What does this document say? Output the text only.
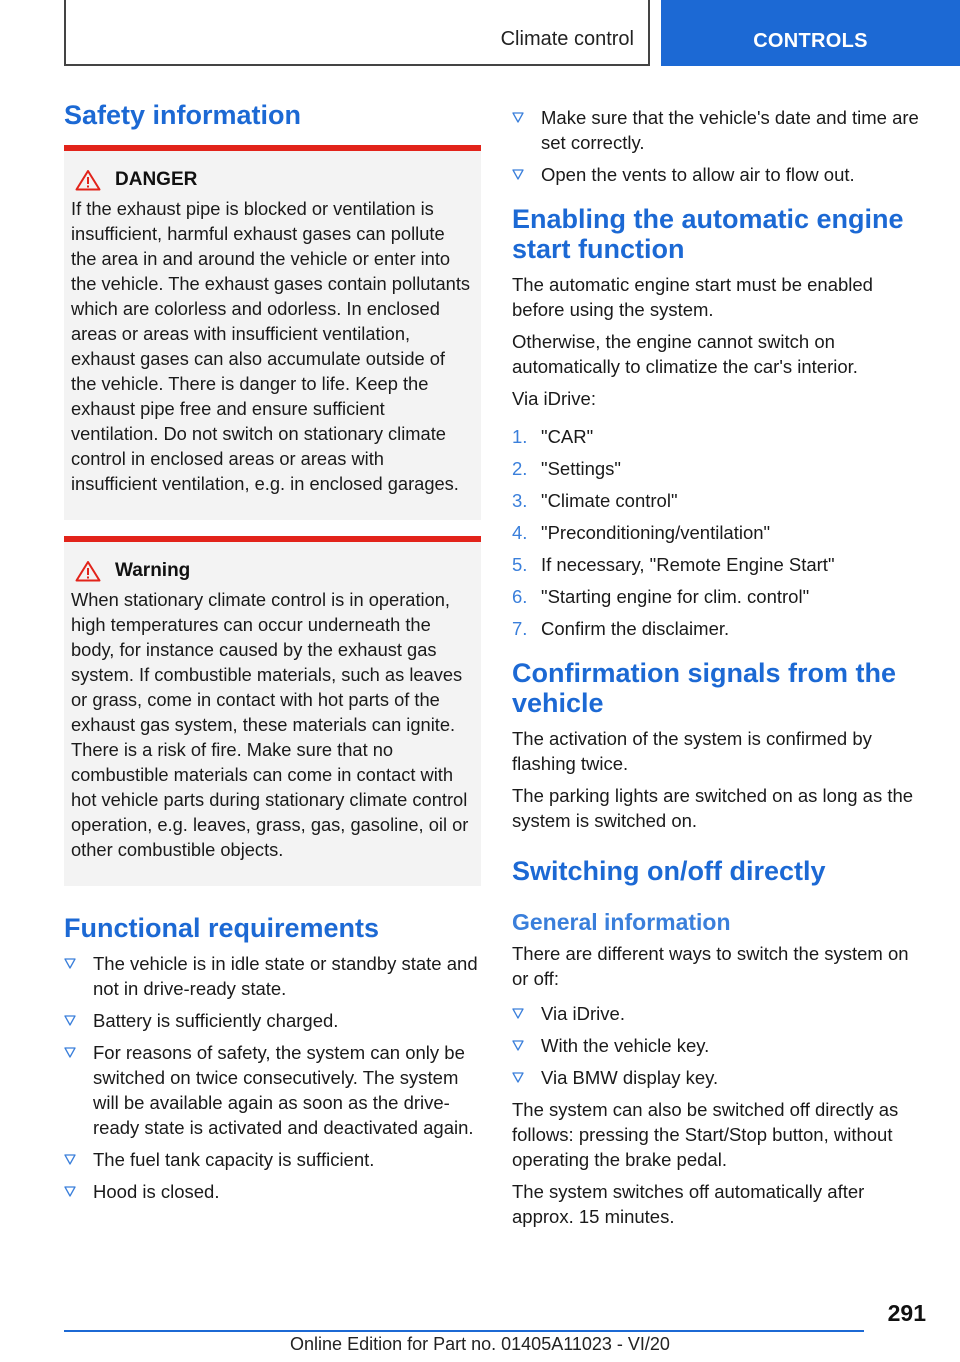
Climate control	CONTROLS
Safety information
DANGER

If the exhaust pipe is blocked or ventilation is insufficient, harmful exhaust gases can pollute the area in and around the vehicle or enter into the vehicle. The exhaust gases contain pollutants which are colorless and odorless. In enclosed areas or areas with insufficient ventilation, exhaust gases can also accumulate outside of the vehicle. There is danger to life. Keep the exhaust pipe free and ensure sufficient ventilation. Do not switch on stationary climate control in enclosed areas or areas with insufficient ventilation, e.g. in enclosed garages.

Warning

When stationary climate control is in operation, high temperatures can occur underneath the body, for instance caused by the exhaust gas system. If combustible materials, such as leaves or grass, come in contact with hot parts of the exhaust gas system, these materials can ignite. There is a risk of fire. Make sure that no combustible materials can come in contact with hot vehicle parts during stationary climate control operation, e.g. leaves, grass, gas, gasoline, oil or other combustible objects.

Functional requirements
The vehicle is in idle state or standby state and not in drive-ready state.
Battery is sufficiently charged.
For reasons of safety, the system can only be switched on twice consecutively. The system will be available again as soon as the drive-ready state is activated and deactivated again.
The fuel tank capacity is sufficient.
Hood is closed.
Make sure that the vehicle's date and time are set correctly.
Open the vents to allow air to flow out.
Enabling the automatic engine start function

The automatic engine start must be enabled before using the system.

Otherwise, the engine cannot switch on automatically to climatize the car's interior.

Via iDrive:

1. "CAR"
2. "Settings"
3. "Climate control"
4. "Preconditioning/ventilation"
5. If necessary, "Remote Engine Start"
6. "Starting engine for clim. control"
7. Confirm the disclaimer.
Confirmation signals from the vehicle

The activation of the system is confirmed by flashing twice.

The parking lights are switched on as long as the system is switched on.

Switching on/off directly
General information

There are different ways to switch the system on or off:

Via iDrive.
With the vehicle key.
Via BMW display key.

The system can also be switched off directly as follows: pressing the Start/Stop button, without operating the brake pedal.

The system switches off automatically after approx. 15 minutes.

291
Online Edition for Part no. 01405A11023 - VI/20
